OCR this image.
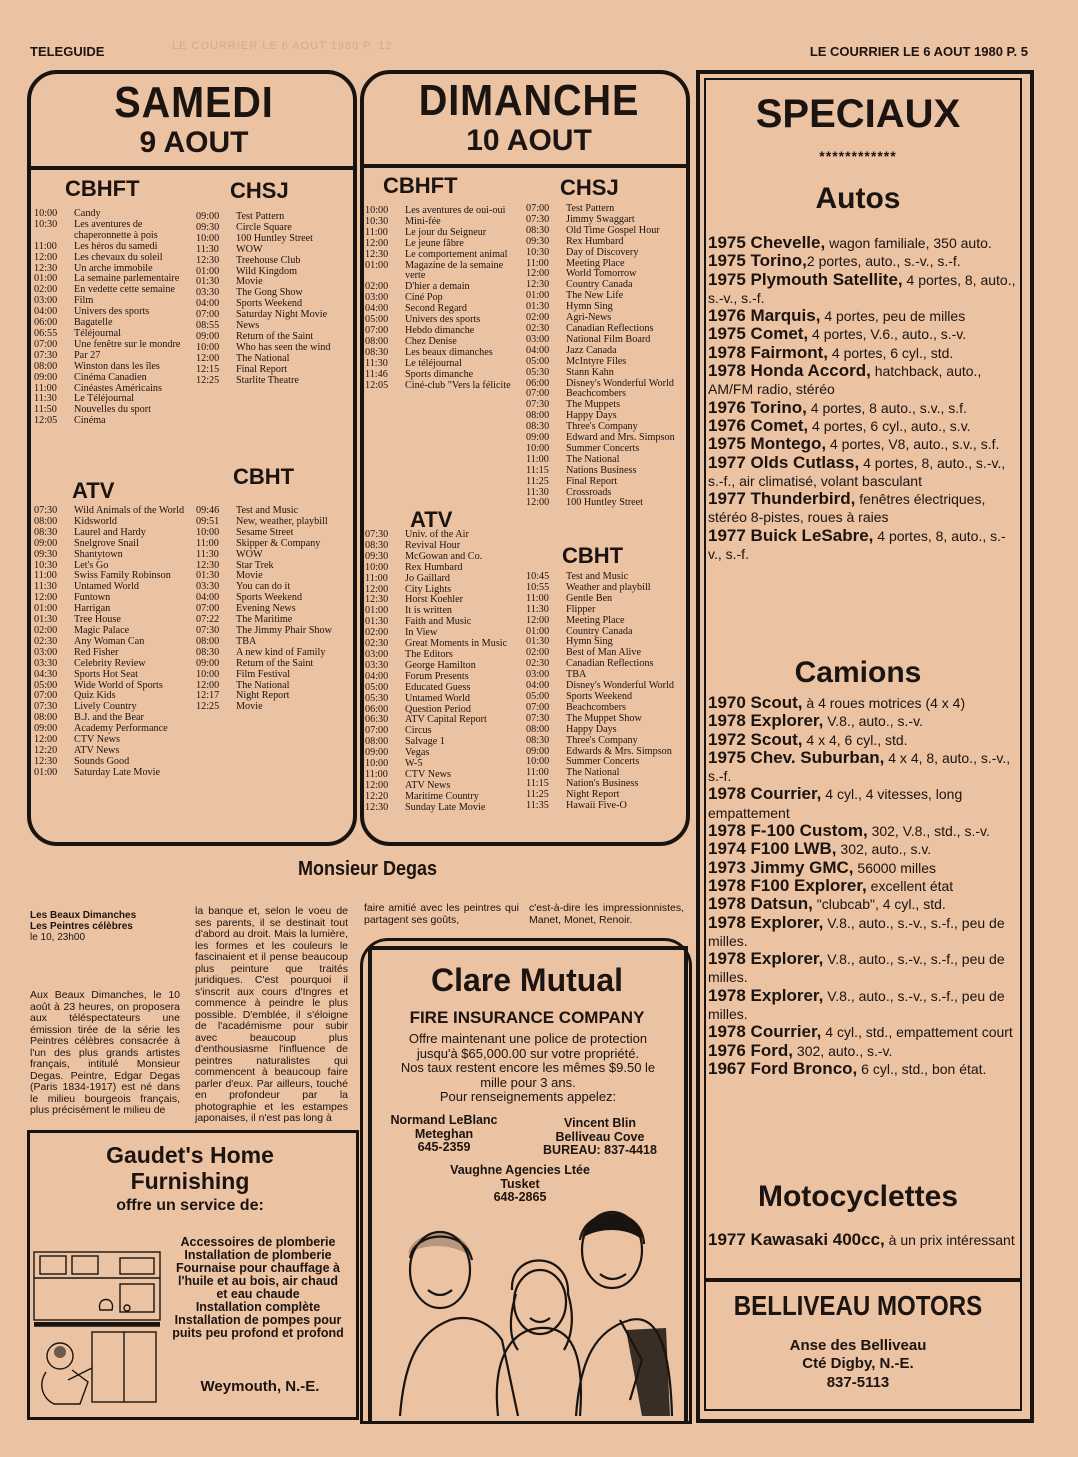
TELEGUIDE	LE COURRIER LE 6 AOUT 1980 P. 5
LE COURRIER LE 6 AOUT 1980 P. 12
SAMEDI
9 AOUT
CBHFT	CHSJ
10:00	Candy
10:30	Les aventures de chaperonnette à pois
11:00	Les héros du samedi
12:00	Les chevaux du soleil
12:30	Un arche immobile
01:00	La semaine parlementaire
02:00	En vedette cette semaine
03:00	Film
04:00	Univers des sports
06:00	Bagatelle
06:55	Téléjournal
07:00	Une fenêtre sur le mondre
07:30	Par 27
08:00	Winston dans les îles
09:00	Cinéma Canadien
11:00	Cinéastes Américains
11:30	Le Téléjournal
11:50	Nouvelles du sport
12:05	Cinéma
09:00	Test Pattern
09:30	Circle Square
10:00	100 Huntley Street
11:30	WOW
12:30	Treehouse Club
01:00	Wild Kingdom
01:30	Movie
03:30	The Gong Show
04:00	Sports Weekend
07:00	Saturday Night Movie
08:55	News
09:00	Return of the Saint
10:00	Who has seen the wind
12:00	The National
12:15	Final Report
12:25	Starlite Theatre
ATV
CBHT
07:30	Wild Animals of the World
08:00	Kidsworld
08:30	Laurel and Hardy
09:00	Snelgrove Snail
09:30	Shantytown
10:30	Let's Go
11:00	Swiss Family Robinson
11:30	Untamed World
12:00	Funtown
01:00	Harrigan
01:30	Tree House
02:00	Magic Palace
02:30	Any Woman Can
03:00	Red Fisher
03:30	Celebrity Review
04:30	Sports Hot Seat
05:00	Wide World of Sports
07:00	Quiz Kids
07:30	Lively Country
08:00	B.J. and the Bear
09:00	Academy Performance
12:00	CTV News
12:20	ATV News
12:30	Sounds Good
01:00	Saturday Late Movie
09:46	Test and Music
09:51	New, weather, playbill
10:00	Sesame Street
11:00	Skipper & Company
11:30	WOW
12:30	Star Trek
01:30	Movie
03:30	You can do it
04:00	Sports Weekend
07:00	Evening News
07:22	The Maritime
07:30	The Jimmy Phair Show
08:00	TBA
08:30	A new kind of Family
09:00	Return of the Saint
10:00	Film Festival
12:00	The National
12:17	Night Report
12:25	Movie
DIMANCHE
10 AOUT
CBHFT	CHSJ
10:00	Les aventures de oui-oui
10:30	Mini-fée
11:00	Le jour du Seigneur
12:00	Le jeune fâbre
12:30	Le comportement animal
01:00	Magazine de la semaine verte
02:00	D'hier a demain
03:00	Ciné Pop
04:00	Second Regard
05:00	Univers des sports
07:00	Hebdo dimanche
08:00	Chez Denise
08:30	Les beaux dimanches
11:30	Le téléjournal
11:46	Sports dimanche
12:05	Ciné-club "Vers la félicite
07:00	Test Pattern
07:30	Jimmy Swaggart
08:30	Old Time Gospel Hour
09:30	Rex Humbard
10:30	Day of Discovery
11:00	Meeting Place
12:00	World Tomorrow
12:30	Country Canada
01:00	The New Life
01:30	Hymn Sing
02:00	Agri-News
02:30	Canadian Reflections
03:00	National Film Board
04:00	Jazz Canada
05:00	McIntyre Files
05:30	Stann Kahn
06:00	Disney's Wonderful World
07:00	Beachcombers
07:30	The Muppets
08:00	Happy Days
08:30	Three's Company
09:00	Edward and Mrs. Simpson
10:00	Summer Concerts
11:00	The National
11:15	Nations Business
11:25	Final Report
11:30	Crossroads
12:00	100 Huntley Street
ATV
CBHT
07:30	Univ. of the Air
08:30	Revival Hour
09:30	McGowan and Co.
10:00	Rex Humbard
11:00	Jo Gaillard
12:00	City Lights
12:30	Horst Koehler
01:00	It is written
01:30	Faith and Music
02:00	In View
02:30	Great Moments in Music
03:00	The Editors
03:30	George Hamilton
04:00	Forum Presents
05:00	Educated Guess
05:30	Untamed World
06:00	Question Period
06:30	ATV Capital Report
07:00	Circus
08:00	Salvage 1
09:00	Vegas
10:00	W-5
11:00	CTV News
12:00	ATV News
12:20	Maritime Country
12:30	Sunday Late Movie
10:45	Test and Music
10:55	Weather and playbill
11:00	Gentle Ben
11:30	Flipper
12:00	Meeting Place
01:00	Country Canada
01:30	Hymn Sing
02:00	Best of Man Alive
02:30	Canadian Reflections
03:00	TBA
04:00	Disney's Wonderful World
05:00	Sports Weekend
07:00	Beachcombers
07:30	The Muppet Show
08:00	Happy Days
08:30	Three's Company
09:00	Edwards & Mrs. Simpson
10:00	Summer Concerts
11:00	The National
11:15	Nation's Business
11:25	Night Report
11:35	Hawaii Five-O
SPECIAUX
************
Autos
1975 Chevelle, wagon familiale, 350 auto.
1975 Torino,2 portes, auto., s.-v., s.-f.
1975 Plymouth Satellite, 4 portes, 8, auto., s.-v., s.-f.
1976 Marquis, 4 portes, peu de milles
1975 Comet, 4 portes, V.6., auto., s.-v.
1978 Fairmont, 4 portes, 6 cyl., std.
1978 Honda Accord, hatchback, auto., AM/FM radio, stéréo
1976 Torino, 4 portes, 8 auto., s.v., s.f.
1976 Comet, 4 portes, 6 cyl., auto., s.v.
1975 Montego, 4 portes, V8, auto., s.v., s.f.
1977 Olds Cutlass, 4 portes, 8, auto., s.-v., s.-f., air climatisé, volant basculant
1977 Thunderbird, fenêtres électriques, stéréo 8-pistes, roues à raies
1977 Buick LeSabre, 4 portes, 8, auto., s.-v., s.-f.
Camions
1970 Scout, à 4 roues motrices (4 x 4)
1978 Explorer, V.8., auto., s.-v.
1972 Scout, 4 x 4, 6 cyl., std.
1975 Chev. Suburban, 4 x 4, 8, auto., s.-v., s.-f.
1978 Courrier, 4 cyl., 4 vitesses, long empattement
1978 F-100 Custom, 302, V.8., std., s.-v.
1974 F100 LWB, 302, auto., s.v.
1973 Jimmy GMC, 56000 milles
1978 F100 Explorer, excellent état
1978 Datsun, "clubcab", 4 cyl., std.
1978 Explorer, V.8., auto., s.-v., s.-f., peu de milles.
1978 Explorer, V.8., auto., s.-v., s.-f., peu de milles.
1978 Explorer, V.8., auto., s.-v., s.-f., peu de milles.
1978 Courrier, 4 cyl., std., empattement court
1976 Ford, 302, auto., s.-v.
1967 Ford Bronco, 6 cyl., std., bon état.
Motocyclettes
1977 Kawasaki 400cc, à un prix intéressant
BELLIVEAU MOTORS
Anse des Belliveau
Cté Digby, N.-E.
837-5113
Monsieur Degas
Les Beaux Dimanches
Les Peintres célèbres
le 10, 23h00
Aux Beaux Dimanches, le 10 août à 23 heures, on proposera aux téléspectateurs une émission tirée de la série les Peintres célèbres consacrée à l'un des plus grands artistes français, intitulé Monsieur Degas. Peintre, Edgar Degas (Paris 1834-1917) est né dans le milieu bourgeois français, plus précisément le milieu de
la banque et, selon le voeu de ses parents, il se destinait tout d'abord au droit. Mais la lumière, les formes et les couleurs le fascinaient et il pense beaucoup plus peinture que traités juridiques. C'est pourquoi il s'inscrit aux cours d'Ingres et commence à peindre le plus possible. D'emblée, il s'éloigne de l'académisme pour subir avec beaucoup plus d'enthousiasme l'influence de peintres naturalistes qui commencent à beaucoup faire parler d'eux. Par ailleurs, touché en profondeur par la photographie et les estampes japonaises, il n'est pas long à
faire amitié avec les peintres qui partagent ses goûts,
c'est-à-dire les impressionnistes, Manet, Monet, Renoir.
Clare Mutual
FIRE INSURANCE COMPANY
Offre maintenant une police de protection jusqu'à $65,000.00 sur votre propriété.
Nos taux restent encore les mêmes $9.50 le mille pour 3 ans.
Pour renseignements appelez:
Normand LeBlanc
Meteghan
645-2359
Vincent Blin
Belliveau Cove
BUREAU: 837-4418
Vaughne Agencies Ltée
Tusket
648-2865
Gaudet's Home
Furnishing
offre un service de:
Accessoires de plomberie
Installation de plomberie
Fournaise pour chauffage à l'huile et au bois, air chaud et eau chaude
Installation complète
Installation de pompes pour puits peu profond et profond
Weymouth, N.-E.
